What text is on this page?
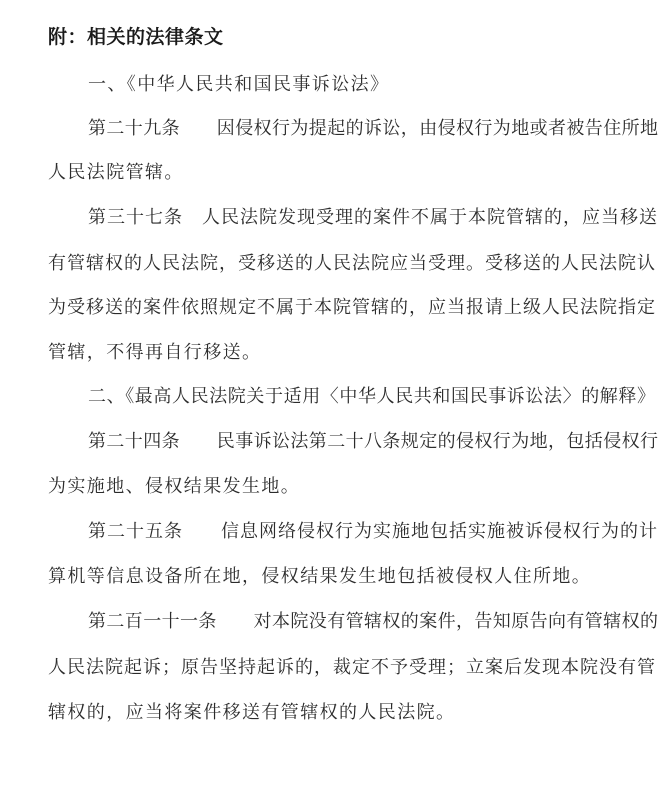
附：相关的法律条文
一、《中华人民共和国民事诉讼法》
第二十九条　　因侵权行为提起的诉讼，由侵权行为地或者被告住所地
人民法院管辖。
第三十七条　人民法院发现受理的案件不属于本院管辖的，应当移送
有管辖权的人民法院，受移送的人民法院应当受理。受移送的人民法院认
为受移送的案件依照规定不属于本院管辖的，应当报请上级人民法院指定
管辖，不得再自行移送。
二、《最高人民法院关于适用〈中华人民共和国民事诉讼法〉的解释》
第二十四条　　民事诉讼法第二十八条规定的侵权行为地，包括侵权行
为实施地、侵权结果发生地。
第二十五条　　信息网络侵权行为实施地包括实施被诉侵权行为的计
算机等信息设备所在地，侵权结果发生地包括被侵权人住所地。
第二百一十一条　　对本院没有管辖权的案件，告知原告向有管辖权的
人民法院起诉；原告坚持起诉的，裁定不予受理；立案后发现本院没有管
辖权的，应当将案件移送有管辖权的人民法院。
